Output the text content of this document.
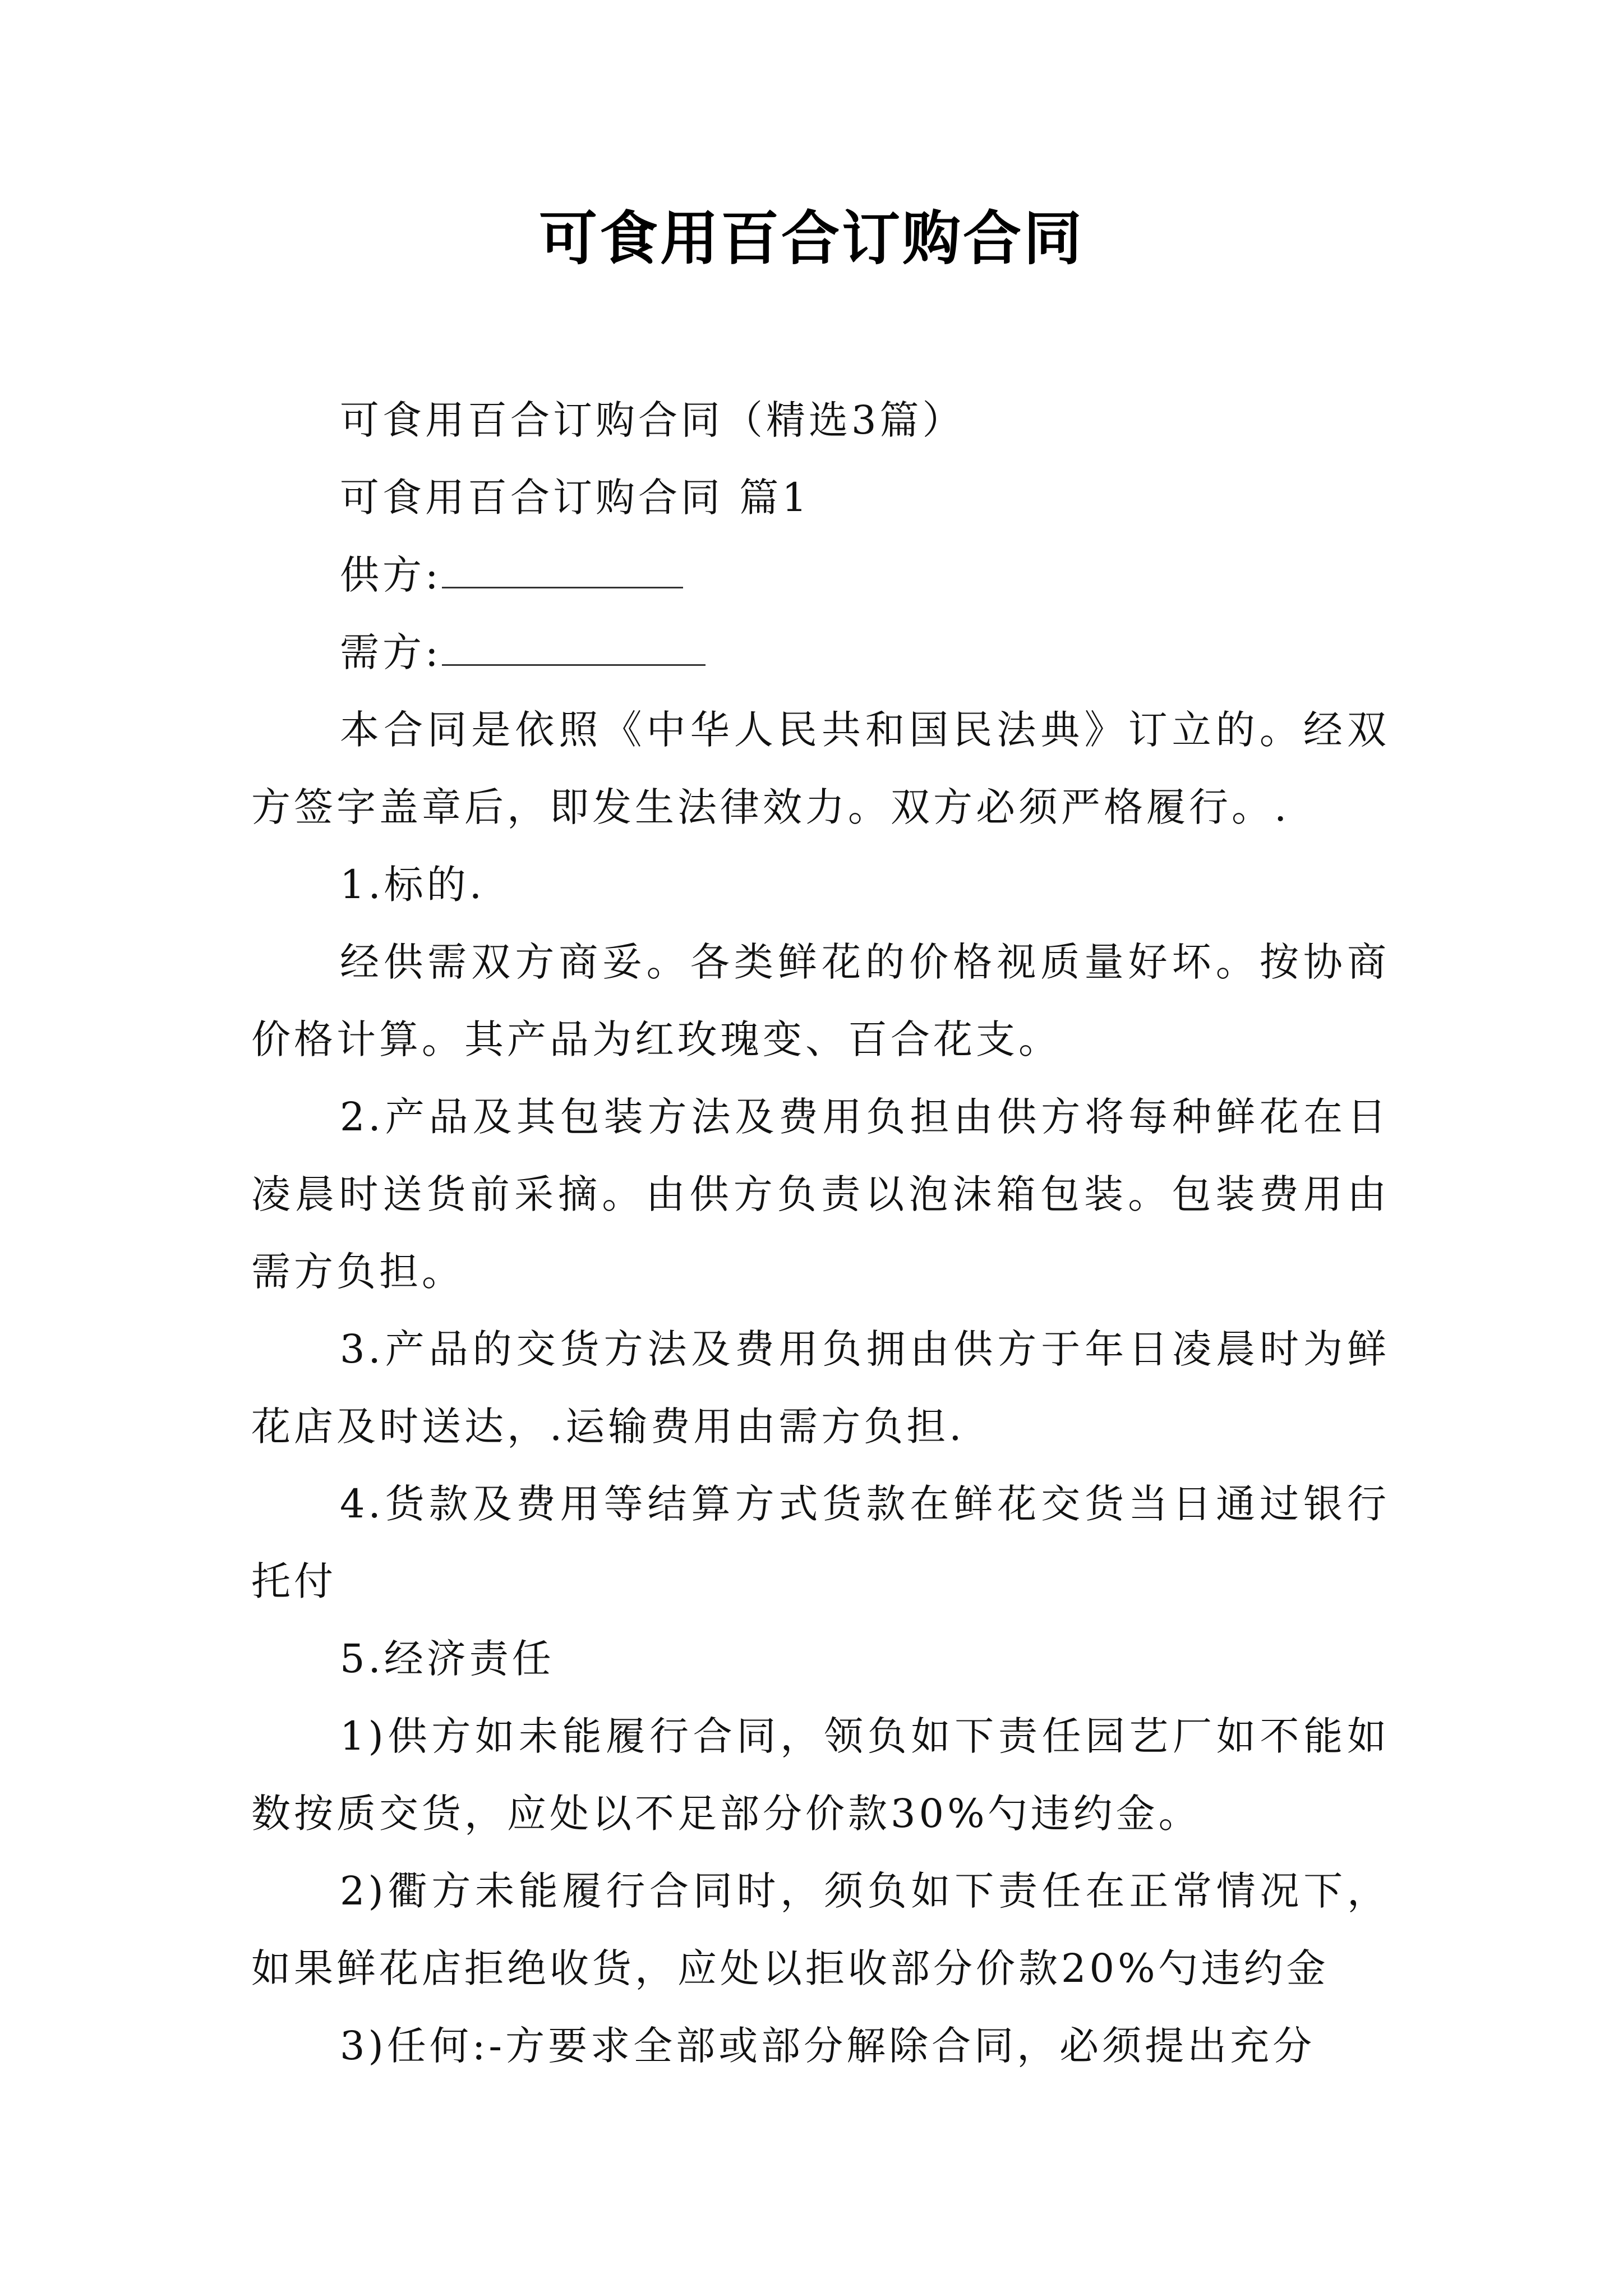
可食用百合订购合同

可食用百合订购合同（精选3篇）

可食用百合订购合同 篇1

供方:

需方:

本合同是依照《中华人民共和国民法典》订立的。经双方签字盖章后，即发生法律效力。双方必须严格履行。.

1.标的.

经供需双方商妥。各类鲜花的价格视质量好坏。按协商价格计算。其产品为红玫瑰变、百合花支。

2.产品及其包装方法及费用负担由供方将每种鲜花在日凌晨时送货前采摘。由供方负责以泡沫箱包装。包装费用由需方负担。

3.产品的交货方法及费用负拥由供方于年日凌晨时为鲜花店及时送达，.运输费用由需方负担.

4.货款及费用等结算方式货款在鲜花交货当日通过银行托付

5.经济责任

1)供方如未能履行合同，领负如下责任园艺厂如不能如数按质交货，应处以不足部分价款30%勺违约金。

2)衢方未能履行合同时，须负如下责任在正常情况下，如果鲜花店拒绝收货，应处以拒收部分价款20%勺违约金

3)任何:-方要求全部或部分解除合同，必须提出充分
